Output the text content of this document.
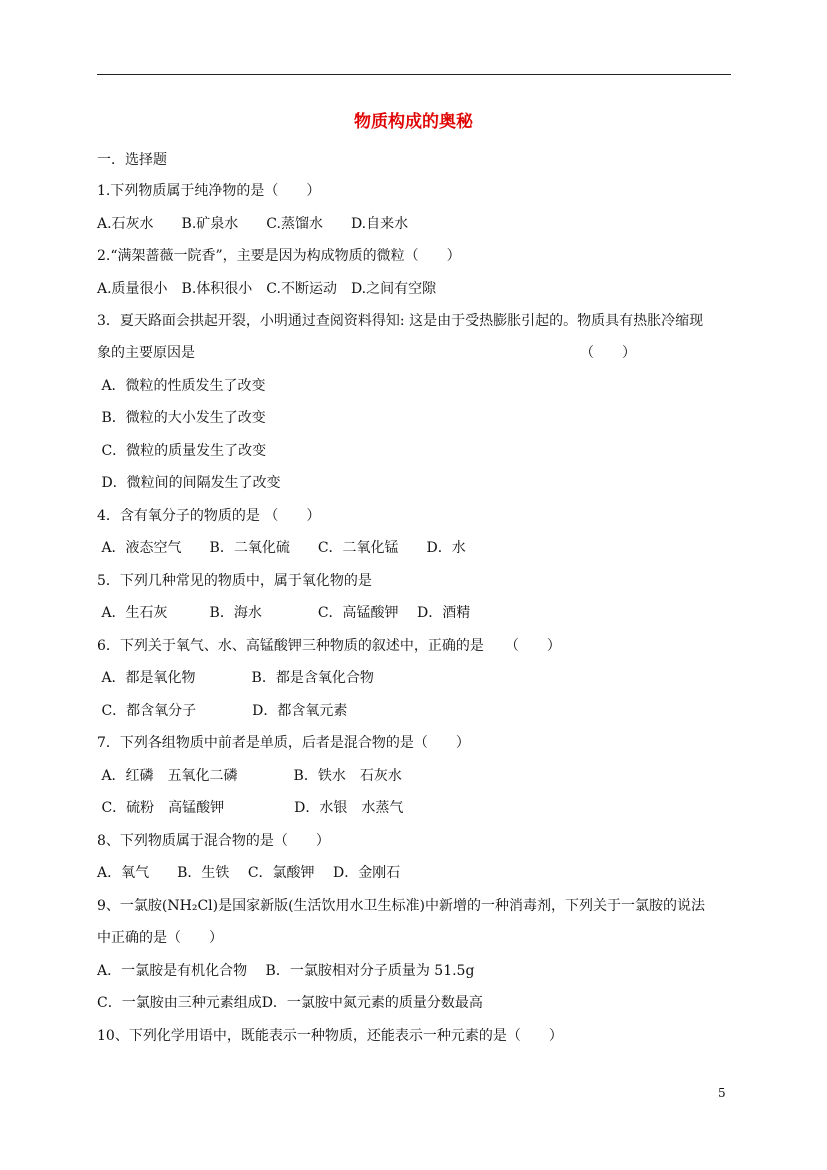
物质构成的奥秘
一．选择题
1.下列物质属于纯净物的是（　　）
A.石灰水　　B.矿泉水　　C.蒸馏水　　D.自来水
2.“满架蔷薇一院香”，主要是因为构成物质的微粒（　　）
A.质量很小　B.体积很小　C.不断运动　D.之间有空隙
3．夏天路面会拱起开裂，小明通过查阅资料得知: 这是由于受热膨胀引起的。物质具有热胀冷缩现
象的主要原因是　　　　　　　　　　　　　　　　　　　　　　　　　　　　（　　）
A．微粒的性质发生了改变
B．微粒的大小发生了改变
C．微粒的质量发生了改变
D．微粒间的间隔发生了改变
4．含有氧分子的物质的是 （　　）
A．液态空气　　B．二氧化硫　　C．二氧化锰　　D．水
5．下列几种常见的物质中，属于氧化物的是
A．生石灰　　　B．海水　　　　C．高锰酸钾　 D．酒精
6．下列关于氧气、水、高锰酸钾三种物质的叙述中，正确的是　　（　　）
A．都是氧化物　　　　B．都是含氧化合物
C．都含氧分子　　　　D．都含氧元素
7．下列各组物质中前者是单质，后者是混合物的是（　　）
A．红磷　五氧化二磷　　　　B．铁水　石灰水
C．硫粉　高锰酸钾　　　　　D．水银　水蒸气
8、下列物质属于混合物的是（　　）
A．氧气　　B．生铁　 C．氯酸钾　 D．金刚石
9、一氯胺(NH₂Cl)是国家新版(生活饮用水卫生标准)中新增的一种消毒剂，下列关于一氯胺的说法
中正确的是（　　）
A．一氯胺是有机化合物　 B．一氯胺相对分子质量为 51.5g
C．一氯胺由三种元素组成D．一氯胺中氮元素的质量分数最高
10、下列化学用语中，既能表示一种物质，还能表示一种元素的是（　　）
5
